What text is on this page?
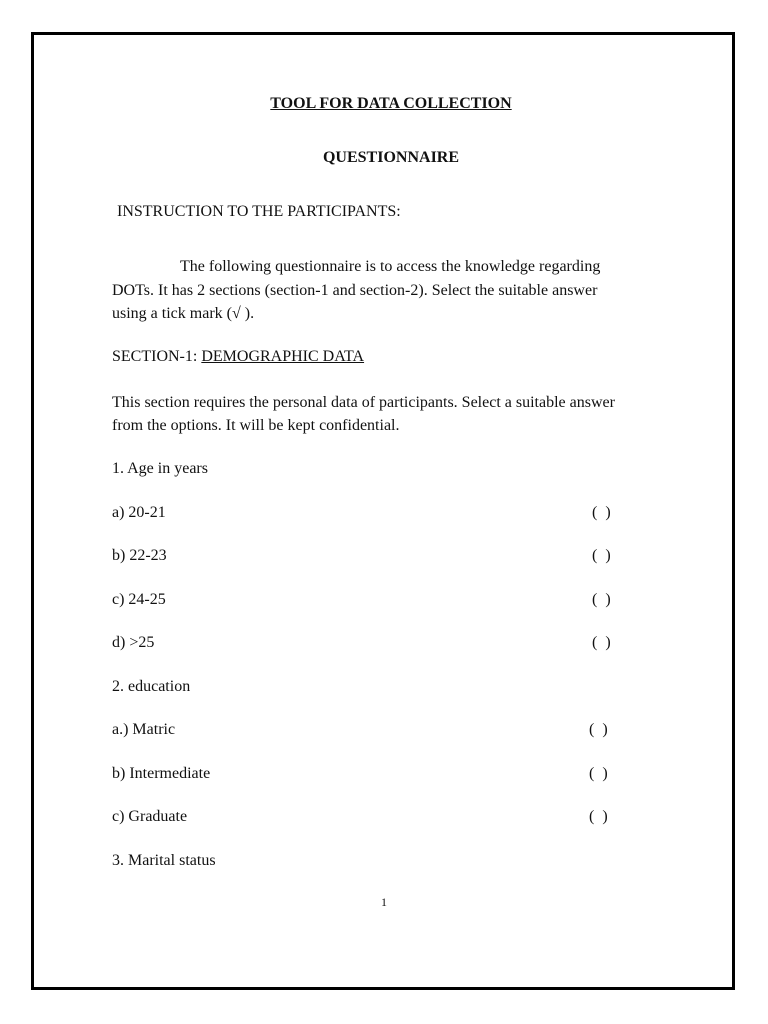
TOOL FOR DATA COLLECTION
QUESTIONNAIRE
INSTRUCTION TO THE PARTICIPANTS:
The following questionnaire is to access the knowledge regarding
DOTs. It has 2 sections (section-1 and section-2). Select the suitable answer
using a tick mark (√ ).
SECTION-1: DEMOGRAPHIC DATA
This section requires the personal data of participants. Select a suitable answer
from the options. It will be kept confidential.
1. Age in years
a) 20-21	(  )
b) 22-23	(  )
c) 24-25	(  )
d) >25	(  )
2. education
a.) Matric	(  )
b) Intermediate	(  )
c) Graduate	(  )
3. Marital status
1
